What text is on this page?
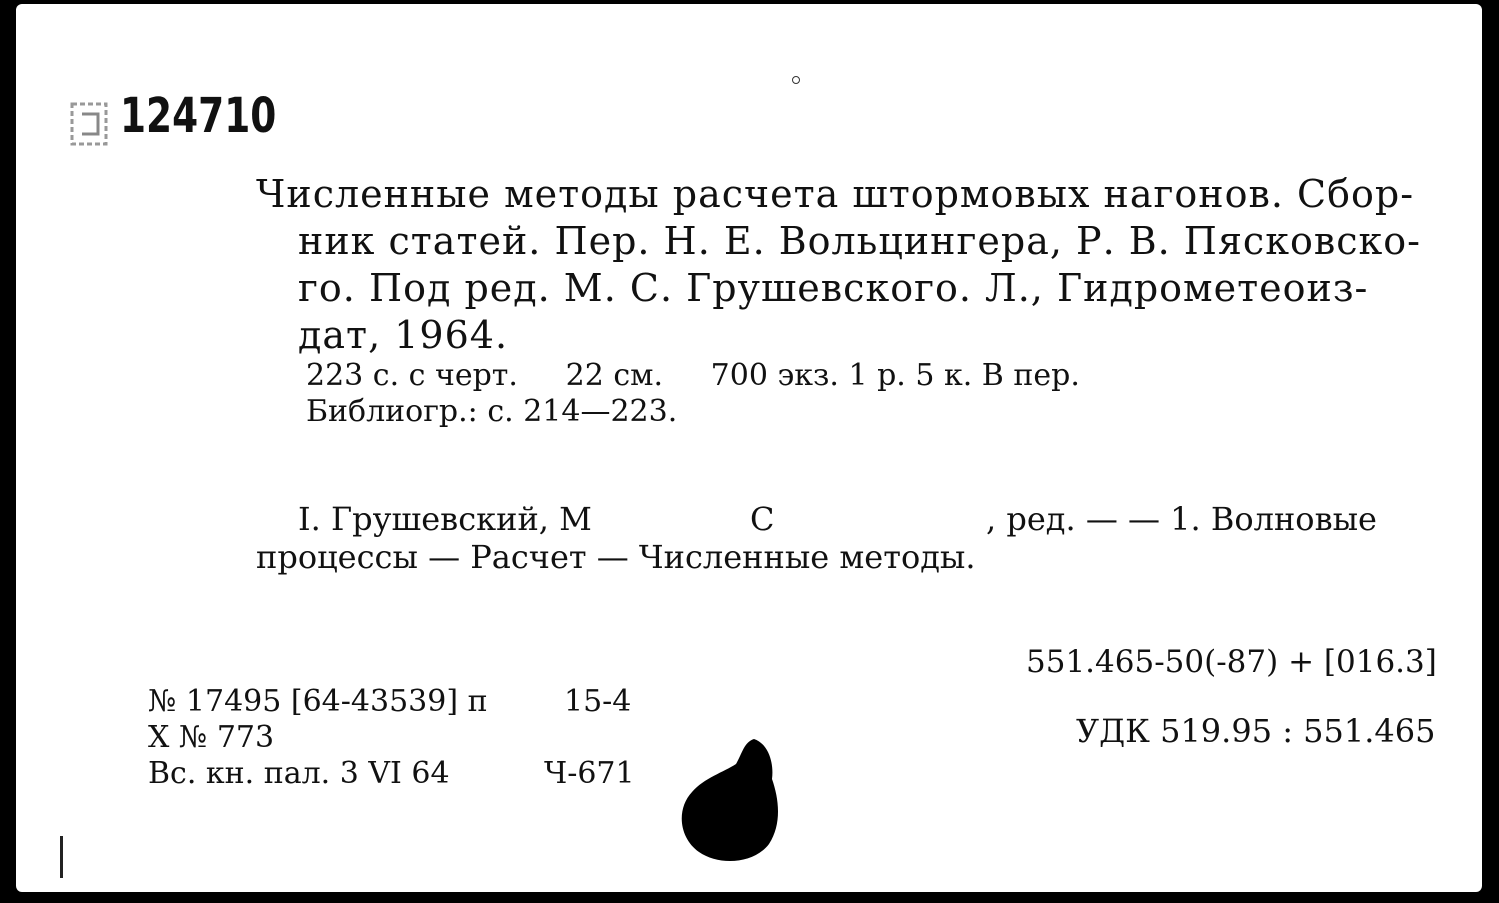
124710
Численные методы расчета штормовых нагонов. Сбор-
ник статей. Пер. Н. Е. Вольцингера, Р. В. Пясковско-
го. Под ред. М. С. Грушевского. Л., Гидрометеоиз-
дат, 1964.
223 с. с черт.     22 см.     700 экз. 1 р. 5 к. В пер.
Библиогр.: с. 214—223.
I. Грушевский, М	С	, ред. — — 1. Волновые
процессы — Расчет — Численные методы.
551.465-50(-87) + [016.3]
УДК 519.95 : 551.465
№ 17495 [64-43539] п	15-4
Х № 773
Вс. кн. пал. 3 VI 64	Ч-671
